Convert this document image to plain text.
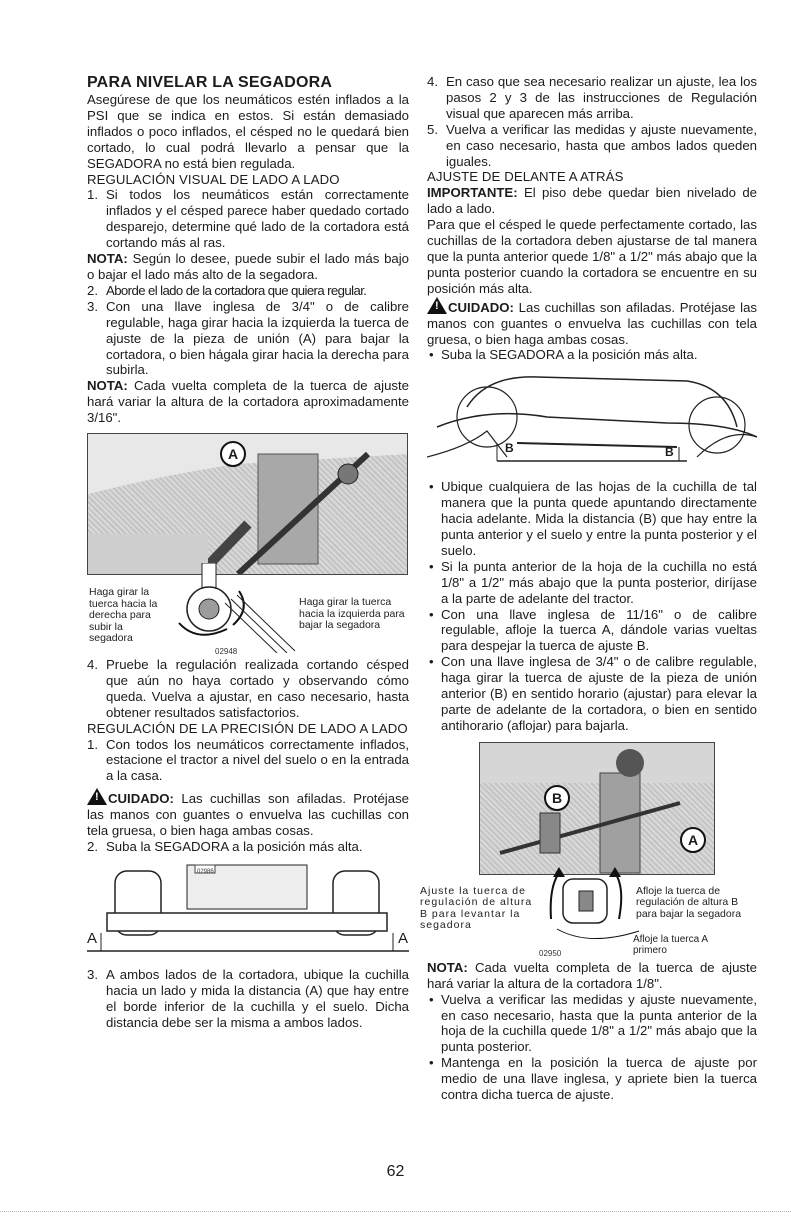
PARA NIVELAR LA SEGADORA

Asegúrese de que los neumáticos estén inflados a la PSI que se indica en estos. Si están demasiado inflados o poco inflados, el césped no le quedará bien cortado, lo cual podrá llevarlo a pensar que la SEGADORA no está bien regulada.

REGULACIÓN VISUAL DE LADO A LADO
1. Si todos los neumáticos están correctamente inflados y el césped parece haber quedado cortado desparejo, determine qué lado de la cortadora está cortando más al ras.

NOTA: Según lo desee, puede subir el lado más bajo o bajar el lado más alto de la segadora.

2. Aborde el lado de la cortadora que quiera regular.
3. Con una llave inglesa de 3/4" o de calibre regulable, haga girar hacia la izquierda la tuerca de ajuste de la pieza de unión (A) para bajar la cortadora, o bien hágala girar hacia la derecha para subirla.

NOTA: Cada vuelta completa de la tuerca de ajuste hará variar la altura de la cortadora aproximadamente 3/16".

A
Haga girar la tuerca hacia la derecha para subir la segadora
Haga girar la tuerca hacia la izquierda para bajar la segadora
02948
4. Pruebe la regulación realizada cortando césped que aún no haya cortado y observando cómo queda. Vuelva a ajustar, en caso necesario, hasta obtener resultados satisfactorios.
REGULACIÓN DE LA PRECISIÓN DE LADO A LADO
1. Con todos los neumáticos correctamente inflados, estacione el tractor a nivel del suelo o en la entrada a la casa.

! CUIDADO: Las cuchillas son afiladas. Protéjase las manos con guantes o envuelva las cuchillas con tela gruesa, o bien haga ambas cosas.

2. Suba la SEGADORA a la posición más alta.
A	A
02986
3. A ambos lados de la cortadora, ubique la cuchilla hacia un lado y mida la distancia (A) que hay entre el borde inferior de la cuchilla y el suelo. Dicha distancia debe ser la misma a ambos lados.
4. En caso que sea necesario realizar un ajuste, lea los pasos 2 y 3 de las instrucciones de Regulación visual que aparecen más arriba.
5. Vuelva a verificar las medidas y ajuste nuevamente, en caso necesario, hasta que ambos lados queden iguales.
AJUSTE DE DELANTE A ATRÁS

IMPORTANTE: El piso debe quedar bien nivelado de lado a lado.

Para que el césped le quede perfectamente cortado, las cuchillas de la cortadora deben ajustarse de tal manera que la punta anterior quede 1/8" a 1/2" más abajo que la punta posterior cuando la cortadora se encuentre en su posición más alta.

! CUIDADO: Las cuchillas son afiladas. Protéjase las manos con guantes o envuelva las cuchillas con tela gruesa, o bien haga ambas cosas.

• Suba la SEGADORA a la posición más alta.
B	B
• Ubique cualquiera de las hojas de la cuchilla de tal manera que la punta quede apuntando directamente hacia adelante. Mida la distancia (B) que hay entre la punta anterior y el suelo y entre la punta posterior y el suelo.
• Si la punta anterior de la hoja de la cuchilla no está 1/8" a 1/2" más abajo que la punta posterior, diríjase a la parte de adelante del tractor.
• Con una llave inglesa de 11/16" o de calibre regulable, afloje la tuerca A, dándole varias vueltas para despejar la tuerca de ajuste B.
• Con una llave inglesa de 3/4" o de calibre regulable, haga girar la tuerca de ajuste de la pieza de unión anterior (B) en sentido horario (ajustar) para elevar la parte de adelante de la cortadora, o bien en sentido antihorario (aflojar) para bajarla.
B
A
Ajuste la tuerca de regulación de altura B para levantar la segadora
Afloje la tuerca de regulación de altura B para bajar la segadora
Afloje la tuerca A primero
02950

NOTA: Cada vuelta completa de la tuerca de ajuste hará variar la altura de la cortadora 1/8".

• Vuelva a verificar las medidas y ajuste nuevamente, en caso necesario, hasta que la punta anterior de la hoja de la cuchilla quede 1/8" a 1/2" más abajo que la punta posterior.
• Mantenga en la posición la tuerca de ajuste por medio de una llave inglesa, y apriete bien la tuerca contra dicha tuerca de ajuste.
62
